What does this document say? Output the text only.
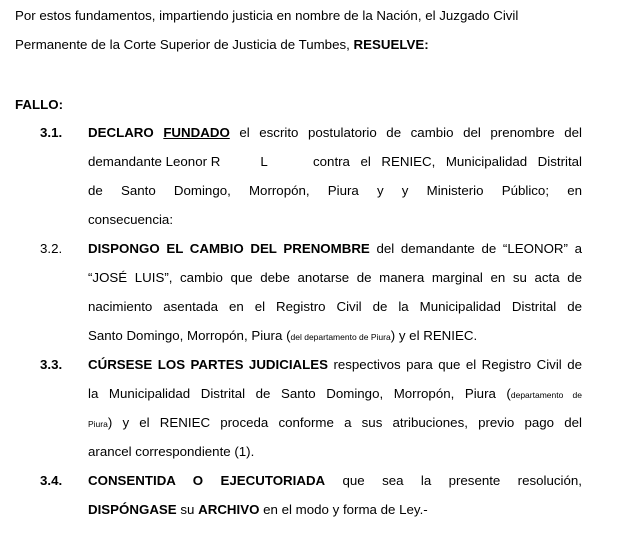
Por estos fundamentos, impartiendo justicia en nombre de la Nación, el Juzgado Civil
Permanente de la Corte Superior de Justicia de Tumbes, RESUELVE:
FALLO:
3.1. DECLARO FUNDADO el escrito postulatorio de cambio del prenombre del
demandante Leonor R	L	contra el RENIEC, Municipalidad Distrital
de Santo Domingo, Morropón, Piura y y Ministerio Público; en
consecuencia:
3.2. DISPONGO EL CAMBIO DEL PRENOMBRE del demandante de “LEONOR” a
“JOSÉ LUIS”, cambio que debe anotarse de manera marginal en su acta de
nacimiento asentada en el Registro Civil de la Municipalidad Distrital de
Santo Domingo, Morropón, Piura (del departamento de Piura) y el RENIEC.
3.3. CÚRSESE LOS PARTES JUDICIALES respectivos para que el Registro Civil de
la Municipalidad Distrital de Santo Domingo, Morropón, Piura (departamento de
Piura) y el RENIEC proceda conforme a sus atribuciones, previo pago del
arancel correspondiente (1).
3.4. CONSENTIDA O EJECUTORIADA que sea la presente resolución,
DISPÓNGASE su ARCHIVO en el modo y forma de Ley.-
